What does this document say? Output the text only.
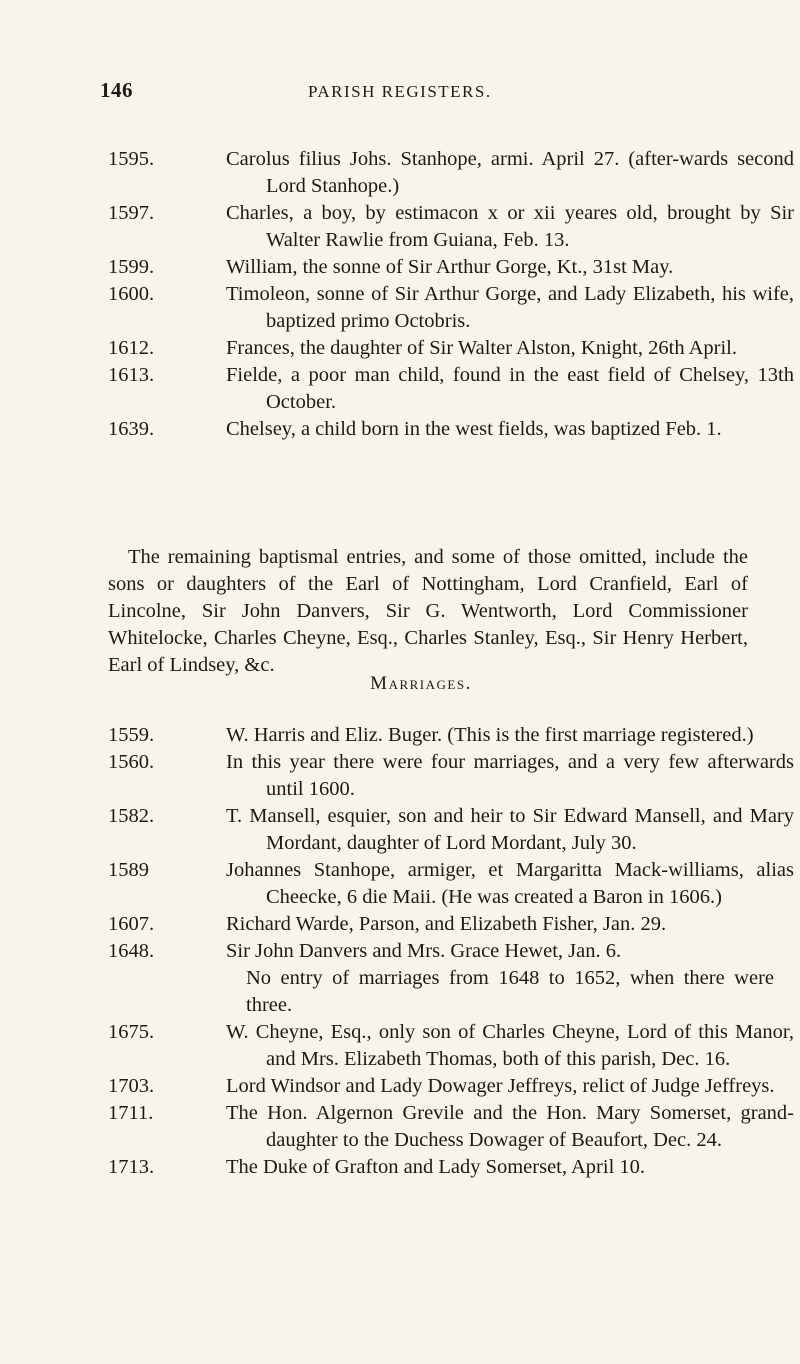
146	PARISH REGISTERS.
1595.	Carolus filius Johs. Stanhope, armi. April 27. (after-wards second Lord Stanhope.)
1597.	Charles, a boy, by estimacon x or xii yeares old, brought by Sir Walter Rawlie from Guiana, Feb. 13.
1599.	William, the sonne of Sir Arthur Gorge, Kt., 31st May.
1600.	Timoleon, sonne of Sir Arthur Gorge, and Lady Elizabeth, his wife, baptized primo Octobris.
1612.	Frances, the daughter of Sir Walter Alston, Knight, 26th April.
1613.	Fielde, a poor man child, found in the east field of Chelsey, 13th October.
1639.	Chelsey, a child born in the west fields, was baptized Feb. 1.

The remaining baptismal entries, and some of those omitted, include the sons or daughters of the Earl of Nottingham, Lord Cranfield, Earl of Lincolne, Sir John Danvers, Sir G. Wentworth, Lord Commissioner Whitelocke, Charles Cheyne, Esq., Charles Stanley, Esq., Sir Henry Herbert, Earl of Lindsey, &c.

Marriages.
1559.	W. Harris and Eliz. Buger. (This is the first marriage registered.)
1560.	In this year there were four marriages, and a very few afterwards until 1600.
1582.	T. Mansell, esquier, son and heir to Sir Edward Mansell, and Mary Mordant, daughter of Lord Mordant, July 30.
1589	Johannes Stanhope, armiger, et Margaritta Mack-williams, alias Cheecke, 6 die Maii. (He was created a Baron in 1606.)
1607.	Richard Warde, Parson, and Elizabeth Fisher, Jan. 29.
1648.	Sir John Danvers and Mrs. Grace Hewet, Jan. 6.
No entry of marriages from 1648 to 1652, when there were three.
1675.	W. Cheyne, Esq., only son of Charles Cheyne, Lord of this Manor, and Mrs. Elizabeth Thomas, both of this parish, Dec. 16.
1703.	Lord Windsor and Lady Dowager Jeffreys, relict of Judge Jeffreys.
1711.	The Hon. Algernon Grevile and the Hon. Mary Somerset, grand-daughter to the Duchess Dowager of Beaufort, Dec. 24.
1713.	The Duke of Grafton and Lady Somerset, April 10.
